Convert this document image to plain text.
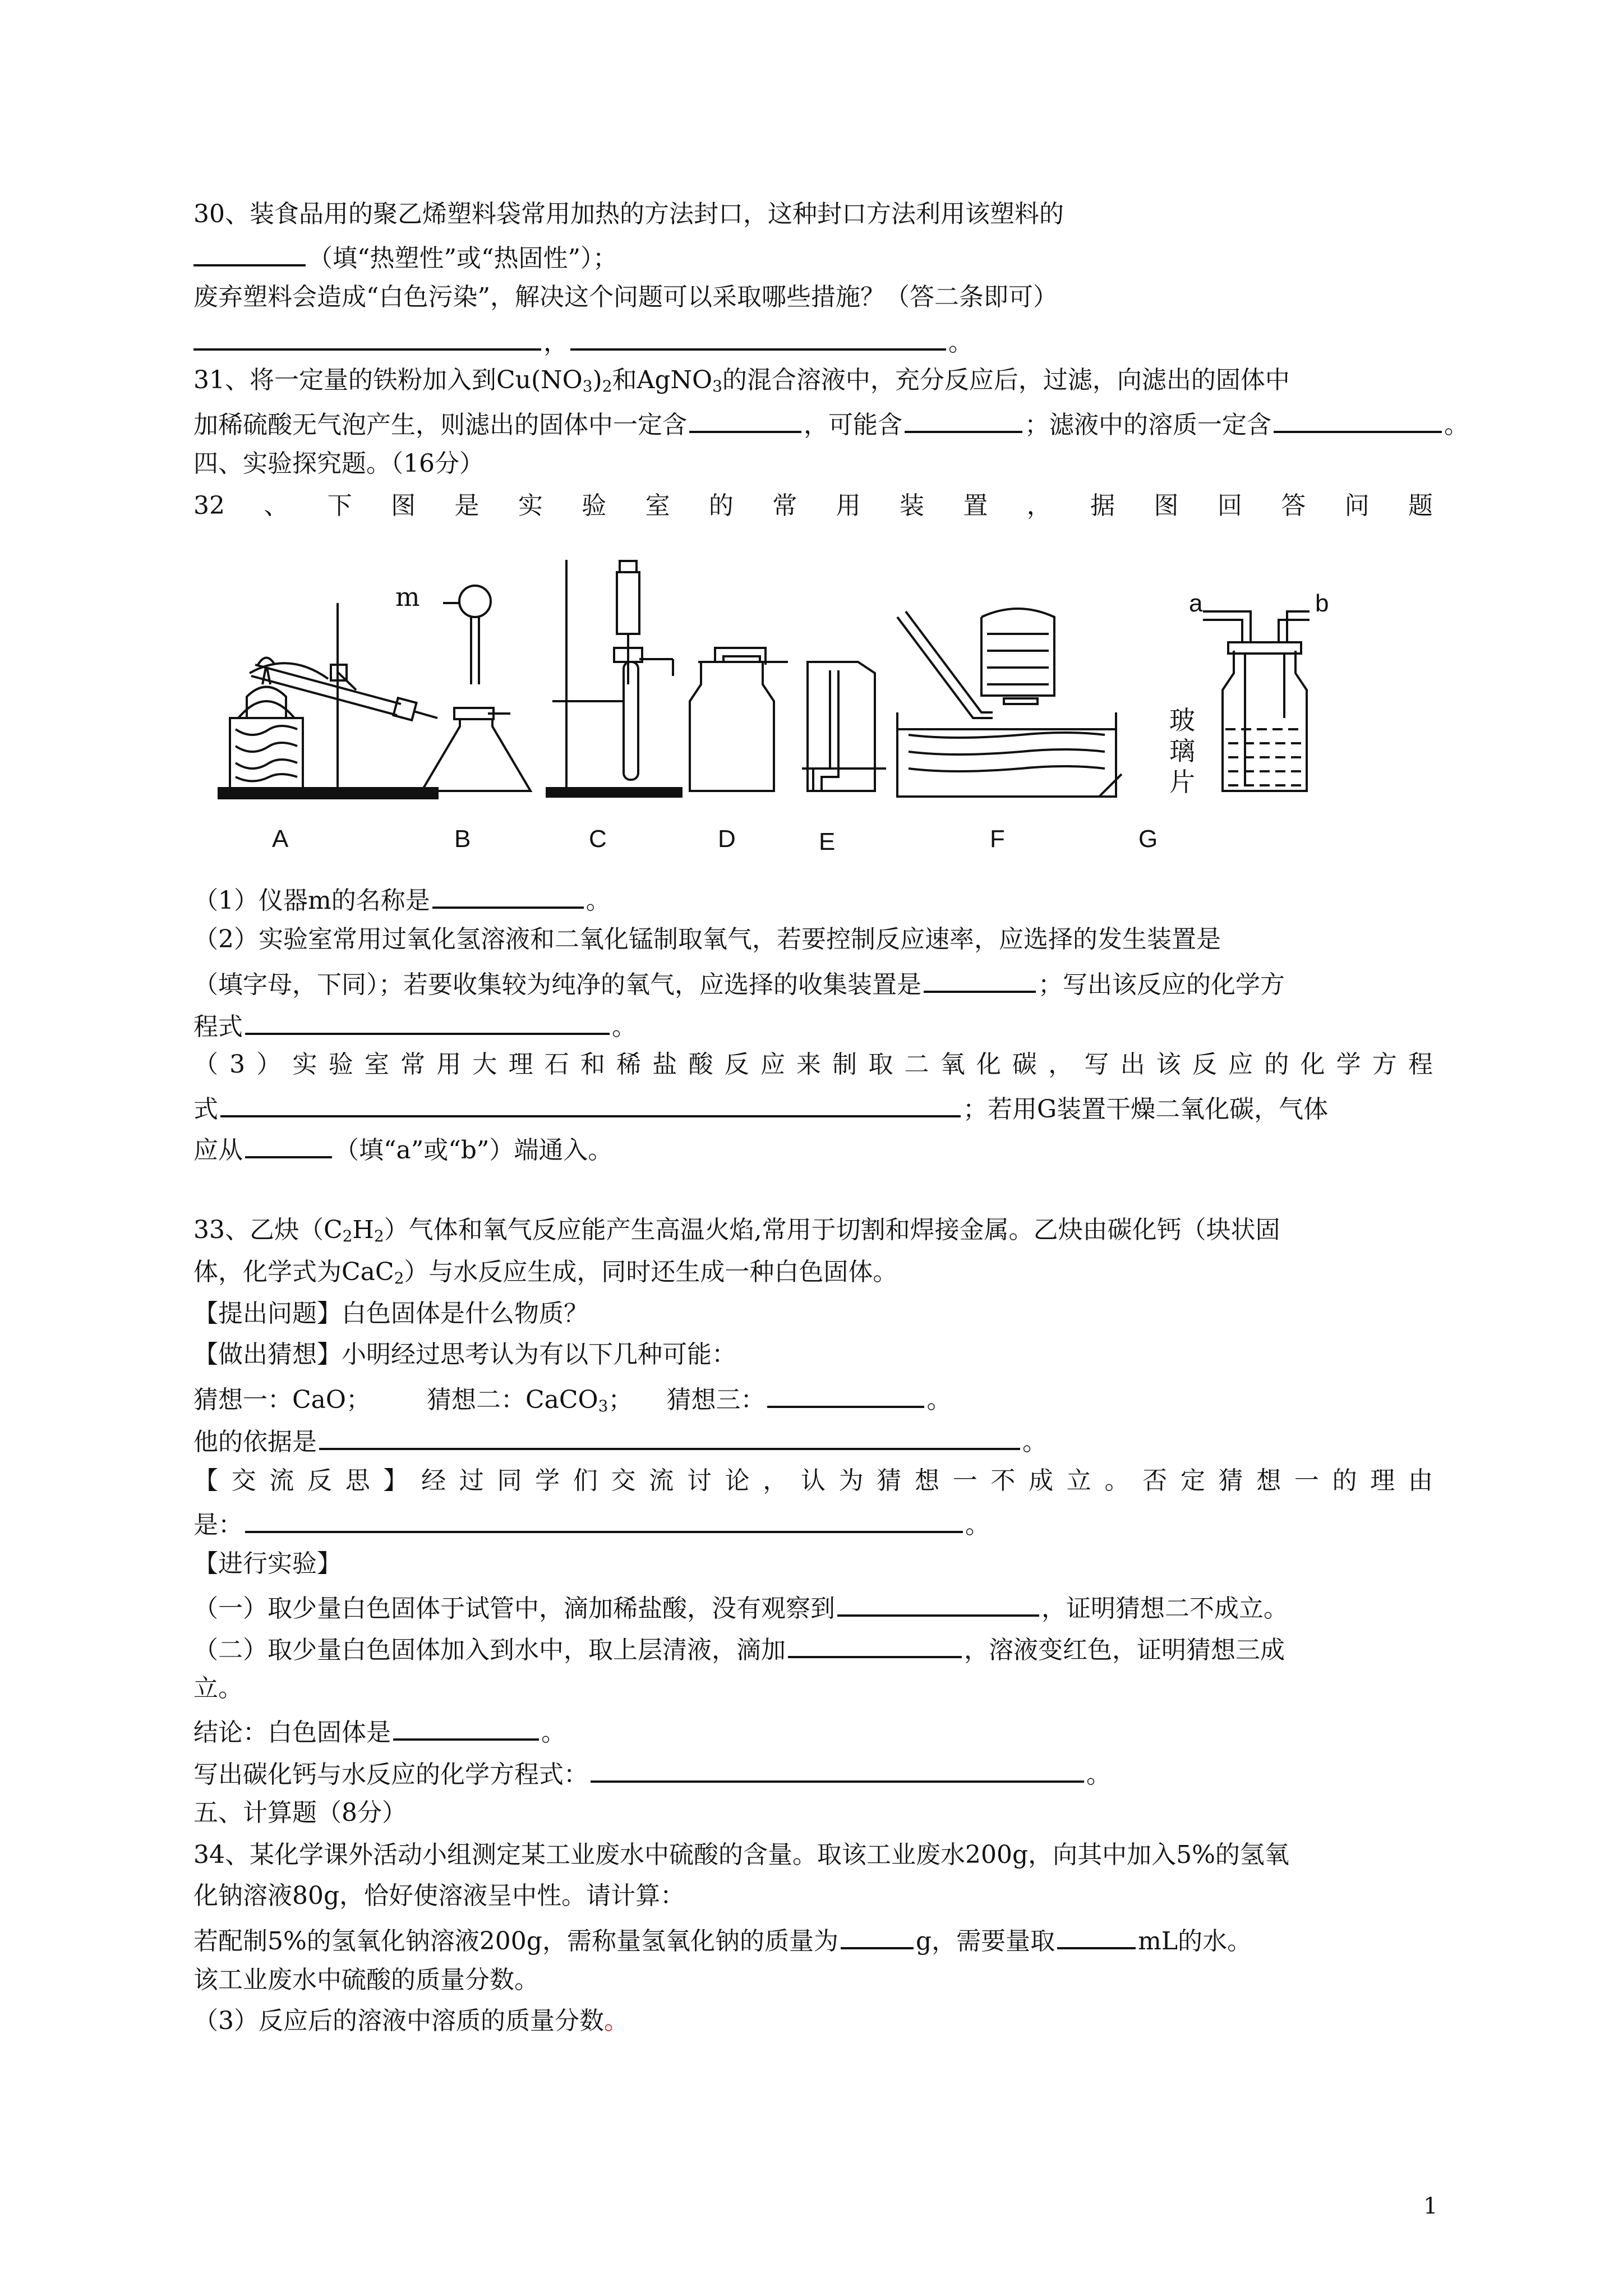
30、装食品用的聚乙烯塑料袋常用加热的方法封口，这种封口方法利用该塑料的
（填“热塑性”或“热固性”）；
废弃塑料会造成“白色污染”，解决这个问题可以采取哪些措施？（答二条即可）
，	。
31、将一定量的铁粉加入到$Cu(NO_3)_2$和AgNO$_3$的混合溶液中，充分反应后，过滤，向滤出的固体中
加稀硫酸无气泡产生，则滤出的固体中一定含	，可能含	；滤液中的溶质一定含	。
四、实验探究题。（16分）
32、下图是实验室的常用装置，据图回答问题
m
玻
璃
片
a	b
A	B	C	D	E	F	G
（1）仪器m的名称是	。
（2）实验室常用过氧化氢溶液和二氧化锰制取氧气，若要控制反应速率，应选择的发生装置是
（填字母，下同）；若要收集较为纯净的氧气，应选择的收集装置是	；写出该反应的化学方
程式	。
（3）实验室常用大理石和稀盐酸反应来制取二氧化碳，写出该反应的化学方程
式	；若用G装置干燥二氧化碳，气体
应从	（填“a”或“b”）端通入。
33、乙炔$(C_2H_2)$气体和氧气反应能产生高温火焰,常用于切割和焊接金属。乙炔由碳化钙（块状固
体，化学式为CaC$_2$）与水反应生成，同时还生成一种白色固体。
【提出问题】白色固体是什么物质？
【做出猜想】小明经过思考认为有以下几种可能：
猜想一：CaO； 猜想二：CaCO$_3$； 猜想三：	。
他的依据是	。
【交流反思】经过同学们交流讨论，认为猜想一不成立。否定猜想一的理由
是：	。
【进行实验】
（一）取少量白色固体于试管中，滴加稀盐酸，没有观察到	，证明猜想二不成立。
（二）取少量白色固体加入到水中，取上层清液，滴加	，溶液变红色，证明猜想三成
立。
结论：白色固体是	。
写出碳化钙与水反应的化学方程式：	。
五、计算题（8分）
34、某化学课外活动小组测定某工业废水中硫酸的含量。取该工业废水200g，向其中加入5%的氢氧
化钠溶液80g，恰好使溶液呈中性。请计算：
若配制5%的氢氧化钠溶液200g，需称量氢氧化钠的质量为	g，需要量取	mL的水。
该工业废水中硫酸的质量分数。
（3）反应后的溶液中溶质的质量分数。
1
